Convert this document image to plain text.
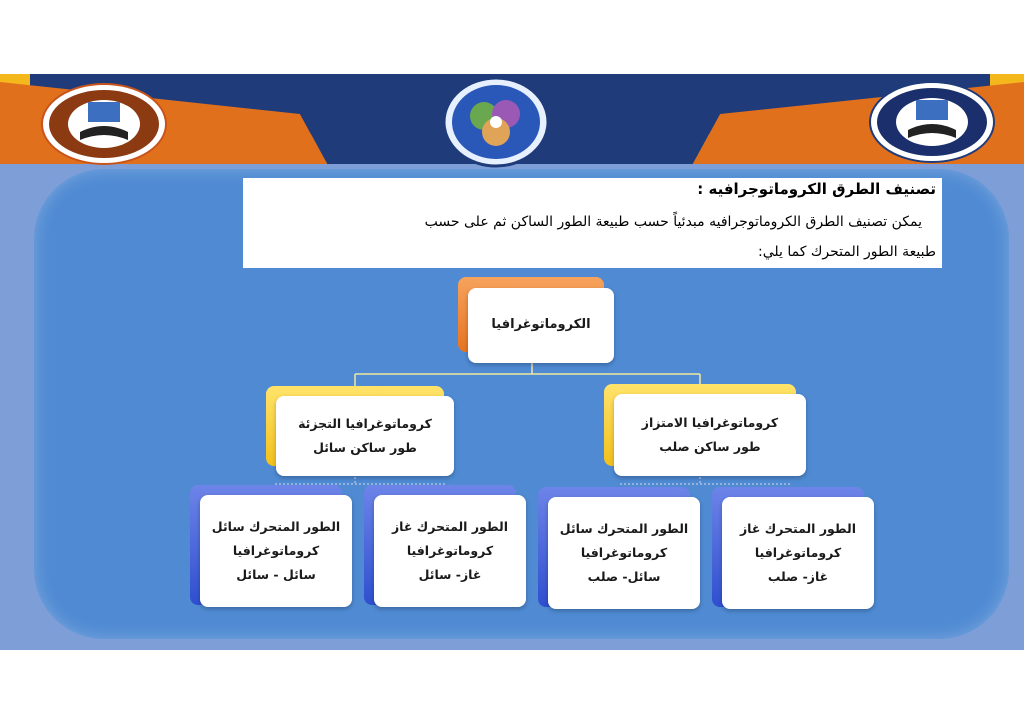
تصنيف الطرق الكروماتوجرافيه :

يمكن تصنيف الطرق الكروماتوجرافيه مبدئياً حسب طبيعة الطور الساكن ثم على حسب

طبيعة الطور المتحرك كما يلي:

الكروماتوغرافيا
كروماتوغرافيا الامتزاز
طور ساكن صلب
كروماتوغرافيا التجزئة
طور ساكن سائل
الطور المتحرك غاز
كروماتوغرافيا
غاز- صلب
الطور المتحرك سائل
كروماتوغرافيا
سائل- صلب
الطور المتحرك غاز
كروماتوغرافيا
غاز- سائل
الطور المتحرك سائل
كروماتوغرافيا
سائل - سائل
